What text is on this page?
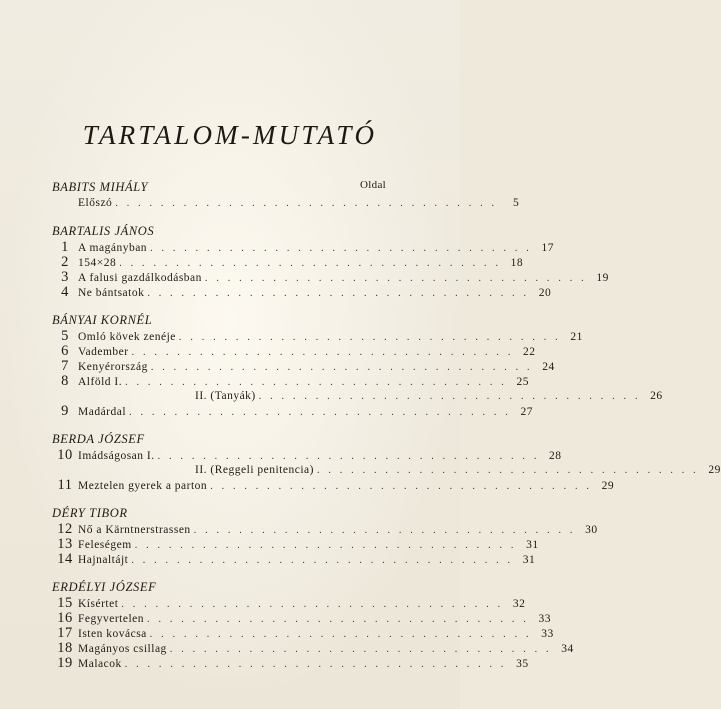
TARTALOM-MUTATÓ
BABITS MIHÁLY	Oldal
Előszó . . . . . . . . . . . . . . . . . . . . . . . . . . . . . . . . . .	5
BARTALIS JÁNOS
1 A magányban . . . . . . . . . . . . . . . . . . . . . . . . . . . . . . . . . . 17
2 154×28 . . . . . . . . . . . . . . . . . . . . . . . . . . . . . . . . . . 18
3 A falusi gazdálkodásban . . . . . . . . . . . . . . . . . . . . . . . . . . . . . . . . . . 19
4 Ne bántsatok . . . . . . . . . . . . . . . . . . . . . . . . . . . . . . . . . . 20
BÁNYAI KORNÉL
5 Omló kövek zenéje . . . . . . . . . . . . . . . . . . . . . . . . . . . . . . . . . . 21
6 Vadember . . . . . . . . . . . . . . . . . . . . . . . . . . . . . . . . . . 22
7 Kenyérország . . . . . . . . . . . . . . . . . . . . . . . . . . . . . . . . . . 24
8 Alföld I. . . . . . . . . . . . . . . . . . . . . . . . . . . . . . . . . . . 25
II. (Tanyák) . . . . . . . . . . . . . . . . . . . . . . . . . . . . . . . . . . 26
9 Madárdal . . . . . . . . . . . . . . . . . . . . . . . . . . . . . . . . . . 27
BERDA JÓZSEF
10 Imádságosan I. . . . . . . . . . . . . . . . . . . . . . . . . . . . . . . . . . . 28
II. (Reggeli penitencia) . . . . . . . . . . . . . . . . . . . . . . . . . . . . . . . . . . 29
11 Meztelen gyerek a parton . . . . . . . . . . . . . . . . . . . . . . . . . . . . . . . . . . 29
DÉRY TIBOR
12 Nő a Kärntnerstrassen . . . . . . . . . . . . . . . . . . . . . . . . . . . . . . . . . . 30
13 Feleségem . . . . . . . . . . . . . . . . . . . . . . . . . . . . . . . . . . 31
14 Hajnaltájt . . . . . . . . . . . . . . . . . . . . . . . . . . . . . . . . . . 31
ERDÉLYI JÓZSEF
15 Kísértet . . . . . . . . . . . . . . . . . . . . . . . . . . . . . . . . . . 32
16 Fegyvertelen . . . . . . . . . . . . . . . . . . . . . . . . . . . . . . . . . . 33
17 Isten kovácsa . . . . . . . . . . . . . . . . . . . . . . . . . . . . . . . . . . 33
18 Magányos csillag . . . . . . . . . . . . . . . . . . . . . . . . . . . . . . . . . . 34
19 Malacok . . . . . . . . . . . . . . . . . . . . . . . . . . . . . . . . . . 35
